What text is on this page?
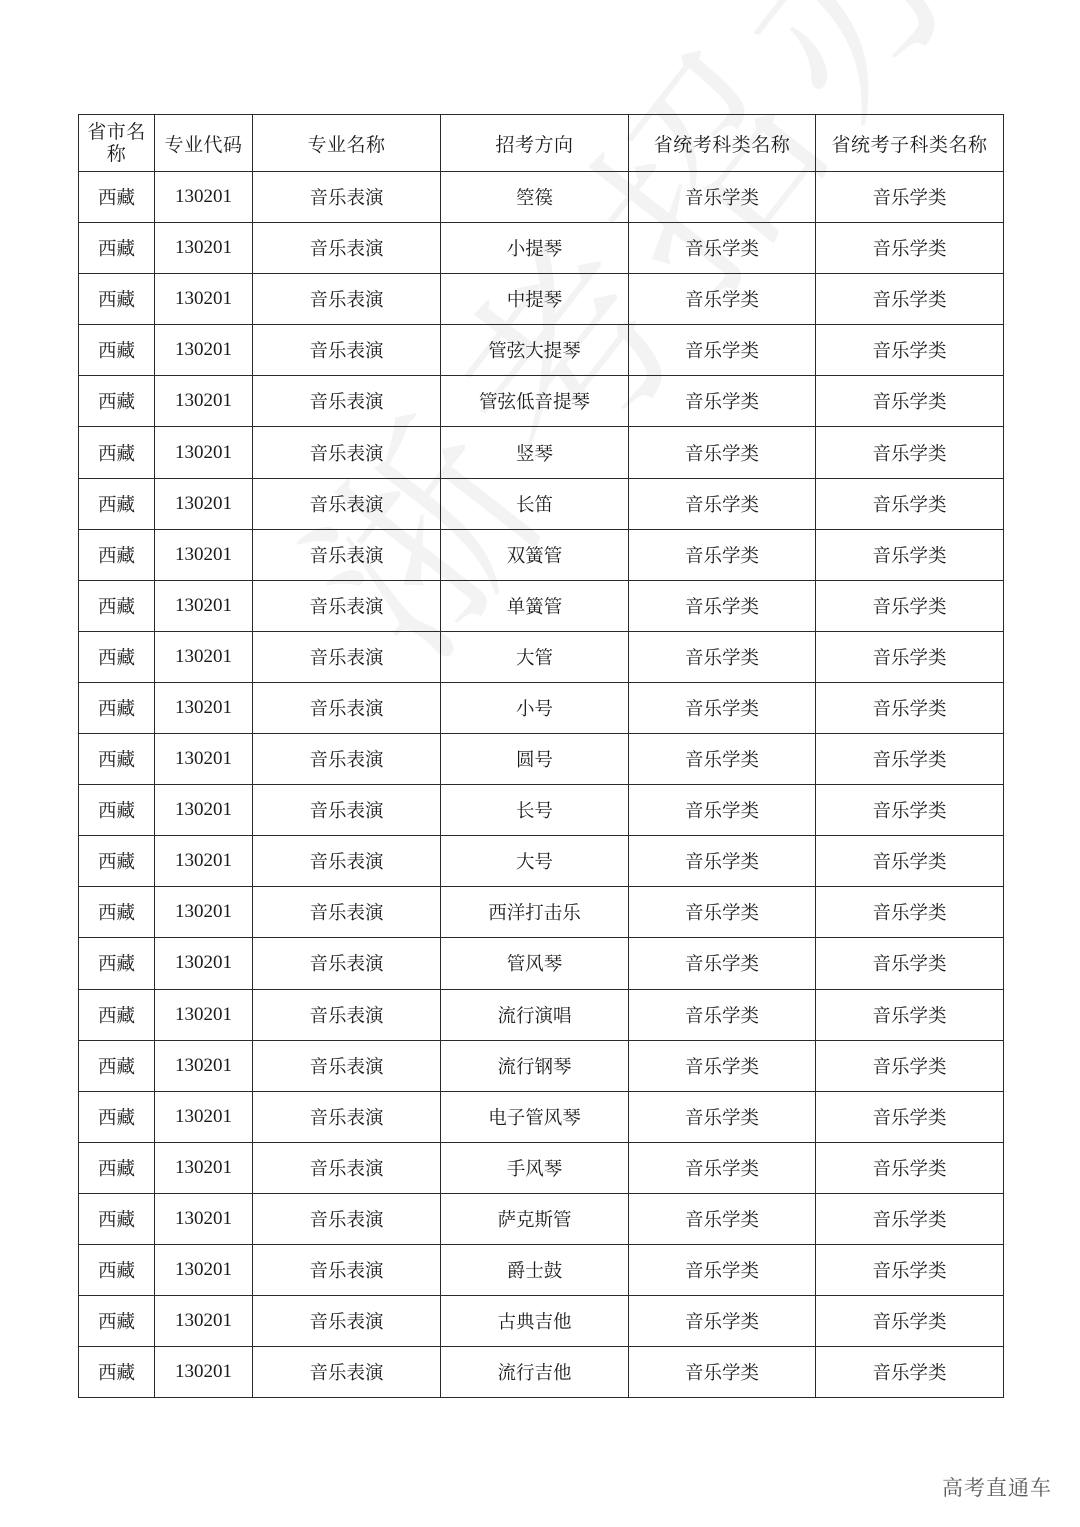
省市名称	专业代码	专业名称	招考方向	省统考科类名称	省统考子科类名称
西藏	130201	音乐表演	箜篌	音乐学类	音乐学类
西藏	130201	音乐表演	小提琴	音乐学类	音乐学类
西藏	130201	音乐表演	中提琴	音乐学类	音乐学类
西藏	130201	音乐表演	管弦大提琴	音乐学类	音乐学类
西藏	130201	音乐表演	管弦低音提琴	音乐学类	音乐学类
西藏	130201	音乐表演	竖琴	音乐学类	音乐学类
西藏	130201	音乐表演	长笛	音乐学类	音乐学类
西藏	130201	音乐表演	双簧管	音乐学类	音乐学类
西藏	130201	音乐表演	单簧管	音乐学类	音乐学类
西藏	130201	音乐表演	大管	音乐学类	音乐学类
西藏	130201	音乐表演	小号	音乐学类	音乐学类
西藏	130201	音乐表演	圆号	音乐学类	音乐学类
西藏	130201	音乐表演	长号	音乐学类	音乐学类
西藏	130201	音乐表演	大号	音乐学类	音乐学类
西藏	130201	音乐表演	西洋打击乐	音乐学类	音乐学类
西藏	130201	音乐表演	管风琴	音乐学类	音乐学类
西藏	130201	音乐表演	流行演唱	音乐学类	音乐学类
西藏	130201	音乐表演	流行钢琴	音乐学类	音乐学类
西藏	130201	音乐表演	电子管风琴	音乐学类	音乐学类
西藏	130201	音乐表演	手风琴	音乐学类	音乐学类
西藏	130201	音乐表演	萨克斯管	音乐学类	音乐学类
西藏	130201	音乐表演	爵士鼓	音乐学类	音乐学类
西藏	130201	音乐表演	古典吉他	音乐学类	音乐学类
西藏	130201	音乐表演	流行吉他	音乐学类	音乐学类
高考直通车
